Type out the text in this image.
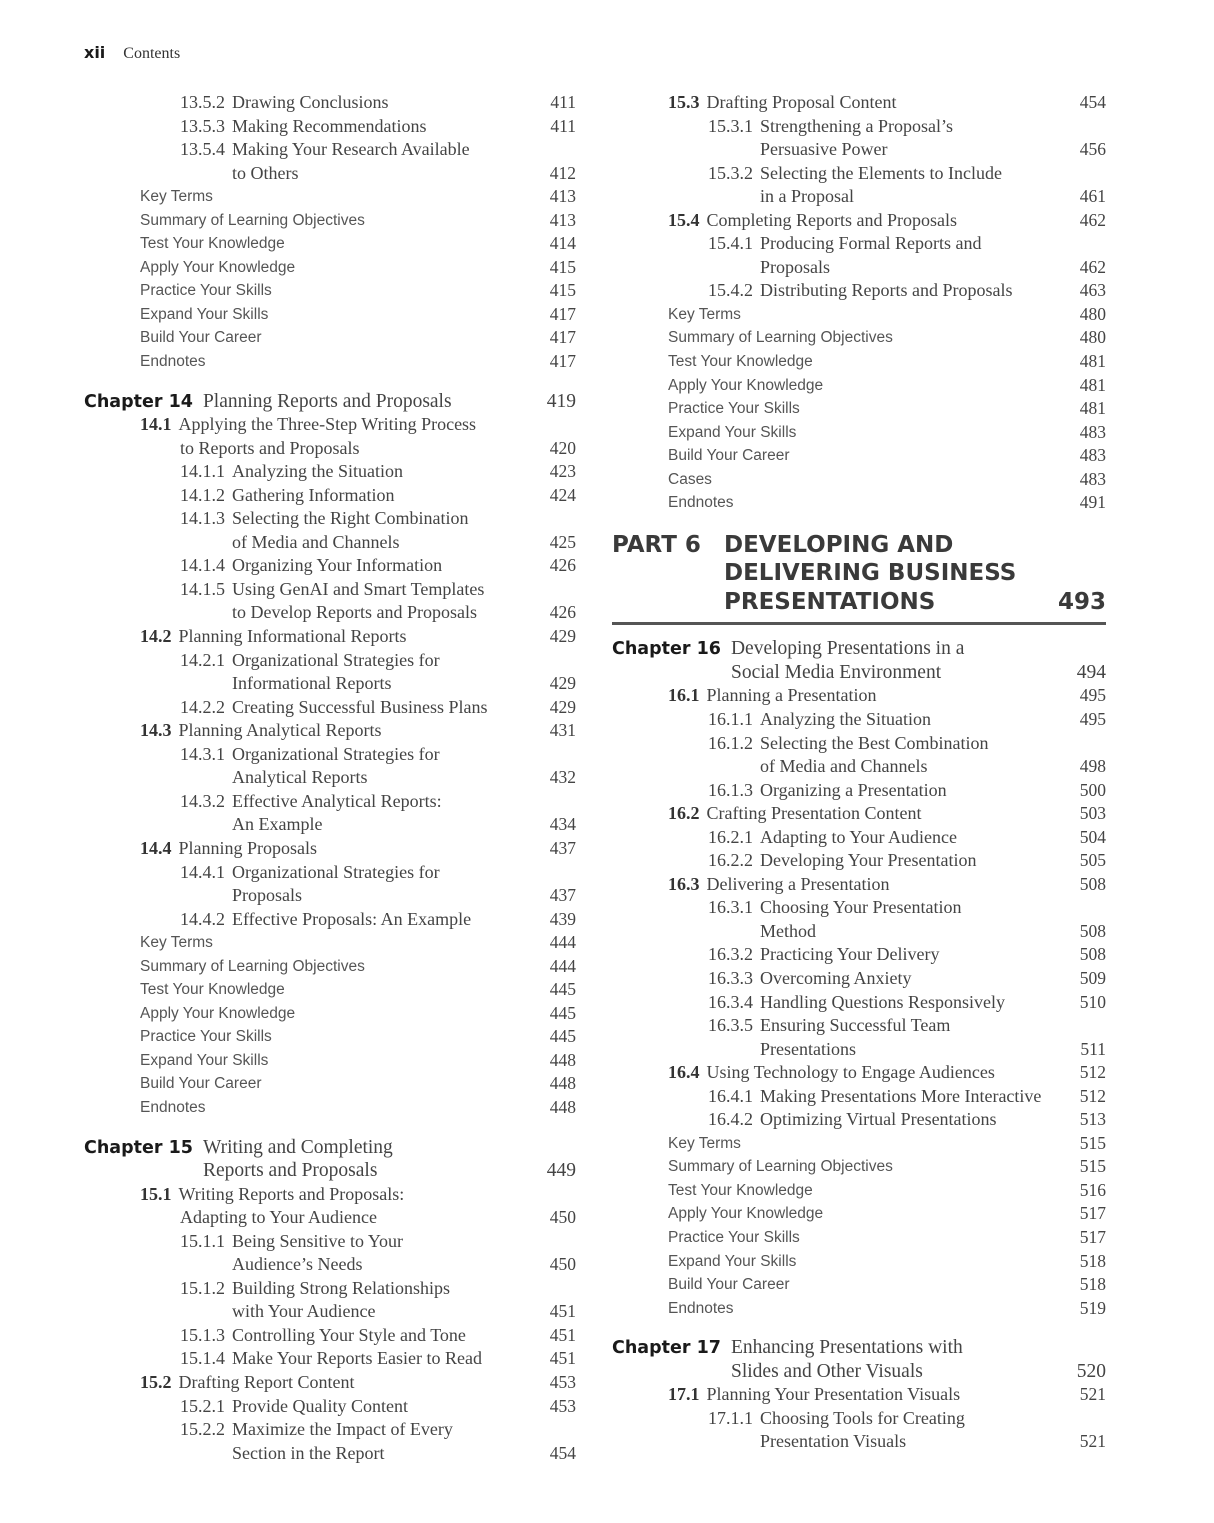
xii Contents
13.5.2 Drawing Conclusions	411
13.5.3 Making Recommendations	411
13.5.4 Making Your Research Available
to Others	412
Key Terms	413
Summary of Learning Objectives	413
Test Your Knowledge	414
Apply Your Knowledge	415
Practice Your Skills	415
Expand Your Skills	417
Build Your Career	417
Endnotes	417
Chapter 14 Planning Reports and Proposals	419
14.1 Applying the Three-Step Writing Process
to Reports and Proposals	420
14.1.1 Analyzing the Situation	423
14.1.2 Gathering Information	424
14.1.3 Selecting the Right Combination
of Media and Channels	425
14.1.4 Organizing Your Information	426
14.1.5 Using GenAI and Smart Templates
to Develop Reports and Proposals	426
14.2 Planning Informational Reports	429
14.2.1 Organizational Strategies for
Informational Reports	429
14.2.2 Creating Successful Business Plans	429
14.3 Planning Analytical Reports	431
14.3.1 Organizational Strategies for
Analytical Reports	432
14.3.2 Effective Analytical Reports:
An Example	434
14.4 Planning Proposals	437
14.4.1 Organizational Strategies for
Proposals	437
14.4.2 Effective Proposals: An Example	439
Key Terms	444
Summary of Learning Objectives	444
Test Your Knowledge	445
Apply Your Knowledge	445
Practice Your Skills	445
Expand Your Skills	448
Build Your Career	448
Endnotes	448
Chapter 15 Writing and Completing
Reports and Proposals	449
15.1 Writing Reports and Proposals:
Adapting to Your Audience	450
15.1.1 Being Sensitive to Your
Audience’s Needs	450
15.1.2 Building Strong Relationships
with Your Audience	451
15.1.3 Controlling Your Style and Tone	451
15.1.4 Make Your Reports Easier to Read	451
15.2 Drafting Report Content	453
15.2.1 Provide Quality Content	453
15.2.2 Maximize the Impact of Every
Section in the Report	454
15.3 Drafting Proposal Content	454
15.3.1 Strengthening a Proposal’s
Persuasive Power	456
15.3.2 Selecting the Elements to Include
in a Proposal	461
15.4 Completing Reports and Proposals	462
15.4.1 Producing Formal Reports and
Proposals	462
15.4.2 Distributing Reports and Proposals	463
Key Terms	480
Summary of Learning Objectives	480
Test Your Knowledge	481
Apply Your Knowledge	481
Practice Your Skills	481
Expand Your Skills	483
Build Your Career	483
Cases	483
Endnotes	491
PART 6 DEVELOPING AND
DELIVERING BUSINESS
PRESENTATIONS	493
Chapter 16 Developing Presentations in a
Social Media Environment	494
16.1 Planning a Presentation	495
16.1.1 Analyzing the Situation	495
16.1.2 Selecting the Best Combination
of Media and Channels	498
16.1.3 Organizing a Presentation	500
16.2 Crafting Presentation Content	503
16.2.1 Adapting to Your Audience	504
16.2.2 Developing Your Presentation	505
16.3 Delivering a Presentation	508
16.3.1 Choosing Your Presentation
Method	508
16.3.2 Practicing Your Delivery	508
16.3.3 Overcoming Anxiety	509
16.3.4 Handling Questions Responsively	510
16.3.5 Ensuring Successful Team
Presentations	511
16.4 Using Technology to Engage Audiences	512
16.4.1 Making Presentations More Interactive 512
16.4.2 Optimizing Virtual Presentations	513
Key Terms	515
Summary of Learning Objectives	515
Test Your Knowledge	516
Apply Your Knowledge	517
Practice Your Skills	517
Expand Your Skills	518
Build Your Career	518
Endnotes	519
Chapter 17 Enhancing Presentations with
Slides and Other Visuals	520
17.1 Planning Your Presentation Visuals	521
17.1.1 Choosing Tools for Creating
Presentation Visuals	521
